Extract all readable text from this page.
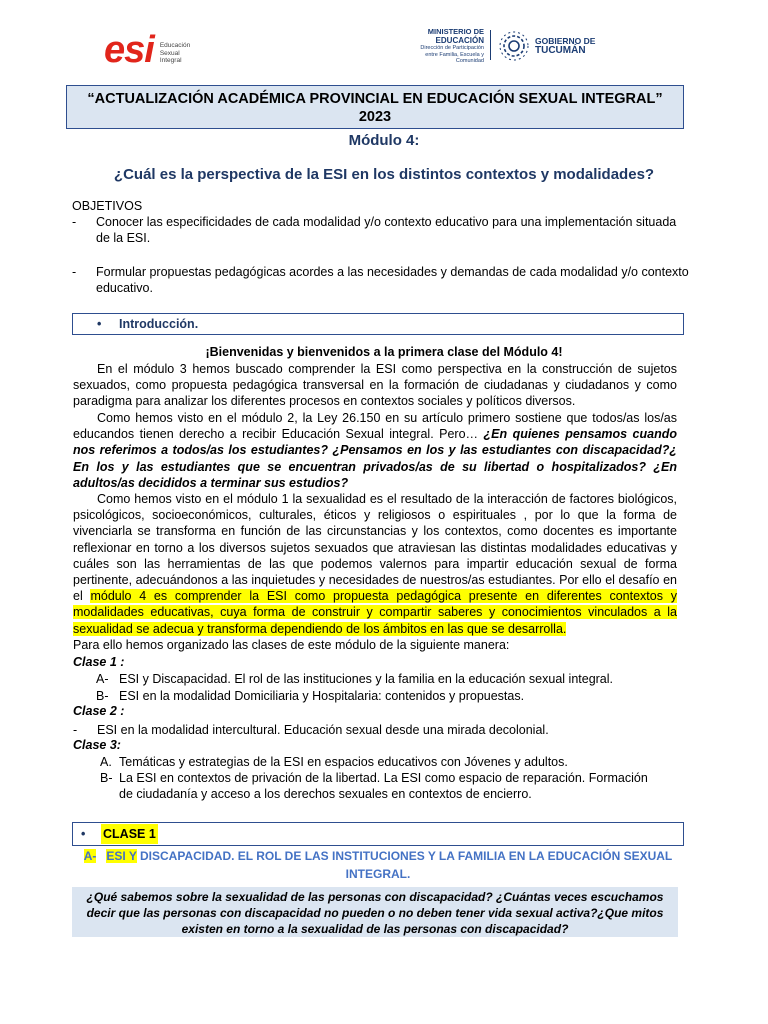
esi Educación
Sexual
Integral
MINISTERIO DE
EDUCACIÓN
Dirección de Participación
entre Familia, Escuela y Comunidad
GOBIERNO DE
TUCUMÁN
“ACTUALIZACIÓN ACADÉMICA PROVINCIAL EN EDUCACIÓN SEXUAL INTEGRAL”
2023
Módulo 4:
¿Cuál es la perspectiva de la ESI en los distintos contextos y modalidades?
OBJETIVOS
- Conocer las especificidades de cada modalidad y/o contexto educativo para una implementación situada de la ESI.
- Formular propuestas pedagógicas acordes a las necesidades y demandas de cada modalidad y/o contexto educativo.
• Introducción.
¡Bienvenidas y bienvenidos a la primera clase del Módulo 4!
En el módulo 3 hemos buscado comprender la ESI como perspectiva en la construcción de sujetos sexuados, como propuesta pedagógica transversal en la formación de ciudadanas y ciudadanos y como paradigma para analizar los diferentes procesos en contextos sociales y políticos diversos.
Como hemos visto en el módulo 2, la Ley 26.150 en su artículo primero sostiene que todos/as los/as educandos tienen derecho a recibir Educación Sexual integral. Pero… ¿En quienes pensamos cuando nos referimos a todos/as los estudiantes? ¿Pensamos en los y las estudiantes con discapacidad?¿ En los y las estudiantes que se encuentran privados/as de su libertad o hospitalizados? ¿En adultos/as decididos a terminar sus estudios?
Como hemos visto en el módulo 1 la sexualidad es el resultado de la interacción de factores biológicos, psicológicos, socioeconómicos, culturales, éticos y religiosos o espirituales , por lo que la forma de vivenciarla se transforma en función de las circunstancias y los contextos, como docentes es importante reflexionar en torno a los diversos sujetos sexuados que atraviesan las distintas modalidades educativas y cuáles son las herramientas de las que podemos valernos para impartir educación sexual de forma pertinente, adecuándonos a las inquietudes y necesidades de nuestros/as estudiantes. Por ello el desafío en el módulo 4 es comprender la ESI como propuesta pedagógica presente en diferentes contextos y modalidades educativas, cuya forma de construir y compartir saberes y conocimientos vinculados a la sexualidad se adecua y transforma dependiendo de los ámbitos en las que se desarrolla.
Para ello hemos organizado las clases de este módulo de la siguiente manera:
Clase 1 :
A- ESI y Discapacidad. El rol de las instituciones y la familia en la educación sexual integral.
B- ESI en la modalidad Domiciliaria y Hospitalaria: contenidos y propuestas.
Clase 2 :
- ESI en la modalidad intercultural. Educación sexual desde una mirada decolonial.
Clase 3:
A. Temáticas y estrategias de la ESI en espacios educativos con Jóvenes y adultos.
B- La ESI en contextos de privación de la libertad. La ESI como espacio de reparación. Formación de ciudadanía y acceso a los derechos sexuales en contextos de encierro.
• CLASE 1
A- ESI Y DISCAPACIDAD. EL ROL DE LAS INSTITUCIONES Y LA FAMILIA EN LA EDUCACIÓN SEXUAL INTEGRAL.
¿Qué sabemos sobre la sexualidad de las personas con discapacidad? ¿Cuántas veces escuchamos decir que las personas con discapacidad no pueden o no deben tener vida sexual activa?¿Que mitos existen en torno a la sexualidad de las personas con discapacidad?
